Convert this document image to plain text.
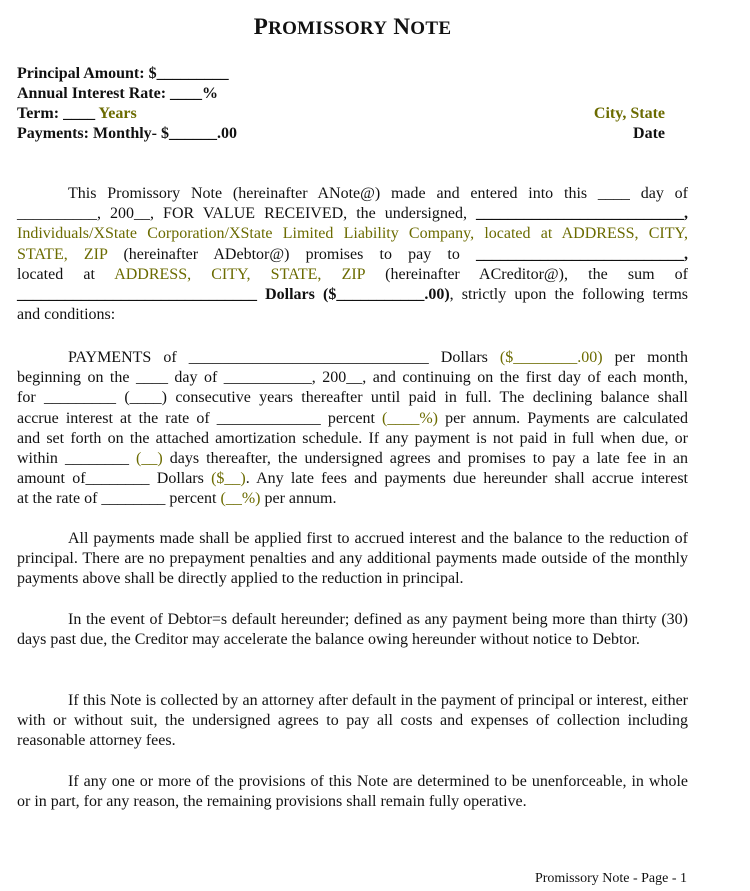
PROMISSORY NOTE
Principal Amount: $_________
Annual Interest Rate: ____%
Term: ____ Years
Payments: Monthly- $______.00
City, State
Date
This Promissory Note (hereinafter ANote@) made and entered into this ____ day of
__________, 200__, FOR VALUE RECEIVED, the undersigned, __________________________,
Individuals/XState Corporation/XState Limited Liability Company, located at ADDRESS, CITY,
STATE, ZIP (hereinafter ADebtor@) promises to pay to __________________________,
located at ADDRESS, CITY, STATE, ZIP (hereinafter ACreditor@), the sum of
______________________________ Dollars ($___________.00), strictly upon the following terms
and conditions:
PAYMENTS of ______________________________ Dollars ($________.00) per month
beginning on the ____ day of ___________, 200__, and continuing on the first day of each month,
for _________ (____) consecutive years thereafter until paid in full. The declining balance shall
accrue interest at the rate of _____________ percent (____%) per annum. Payments are calculated
and set forth on the attached amortization schedule. If any payment is not paid in full when due, or
within ________ (__) days thereafter, the undersigned agrees and promises to pay a late fee in an
amount of________ Dollars ($__). Any late fees and payments due hereunder shall accrue interest
at the rate of ________ percent (__%) per annum.
All payments made shall be applied first to accrued interest and the balance to the reduction of principal. There are no prepayment penalties and any additional payments made outside of the monthly payments above shall be directly applied to the reduction in principal.
In the event of Debtor=s default hereunder; defined as any payment being more than thirty (30) days past due, the Creditor may accelerate the balance owing hereunder without notice to Debtor.
If this Note is collected by an attorney after default in the payment of principal or interest, either with or without suit, the undersigned agrees to pay all costs and expenses of collection including reasonable attorney fees.
If any one or more of the provisions of this Note are determined to be unenforceable, in whole or in part, for any reason, the remaining provisions shall remain fully operative.
Promissory Note - Page - 1
